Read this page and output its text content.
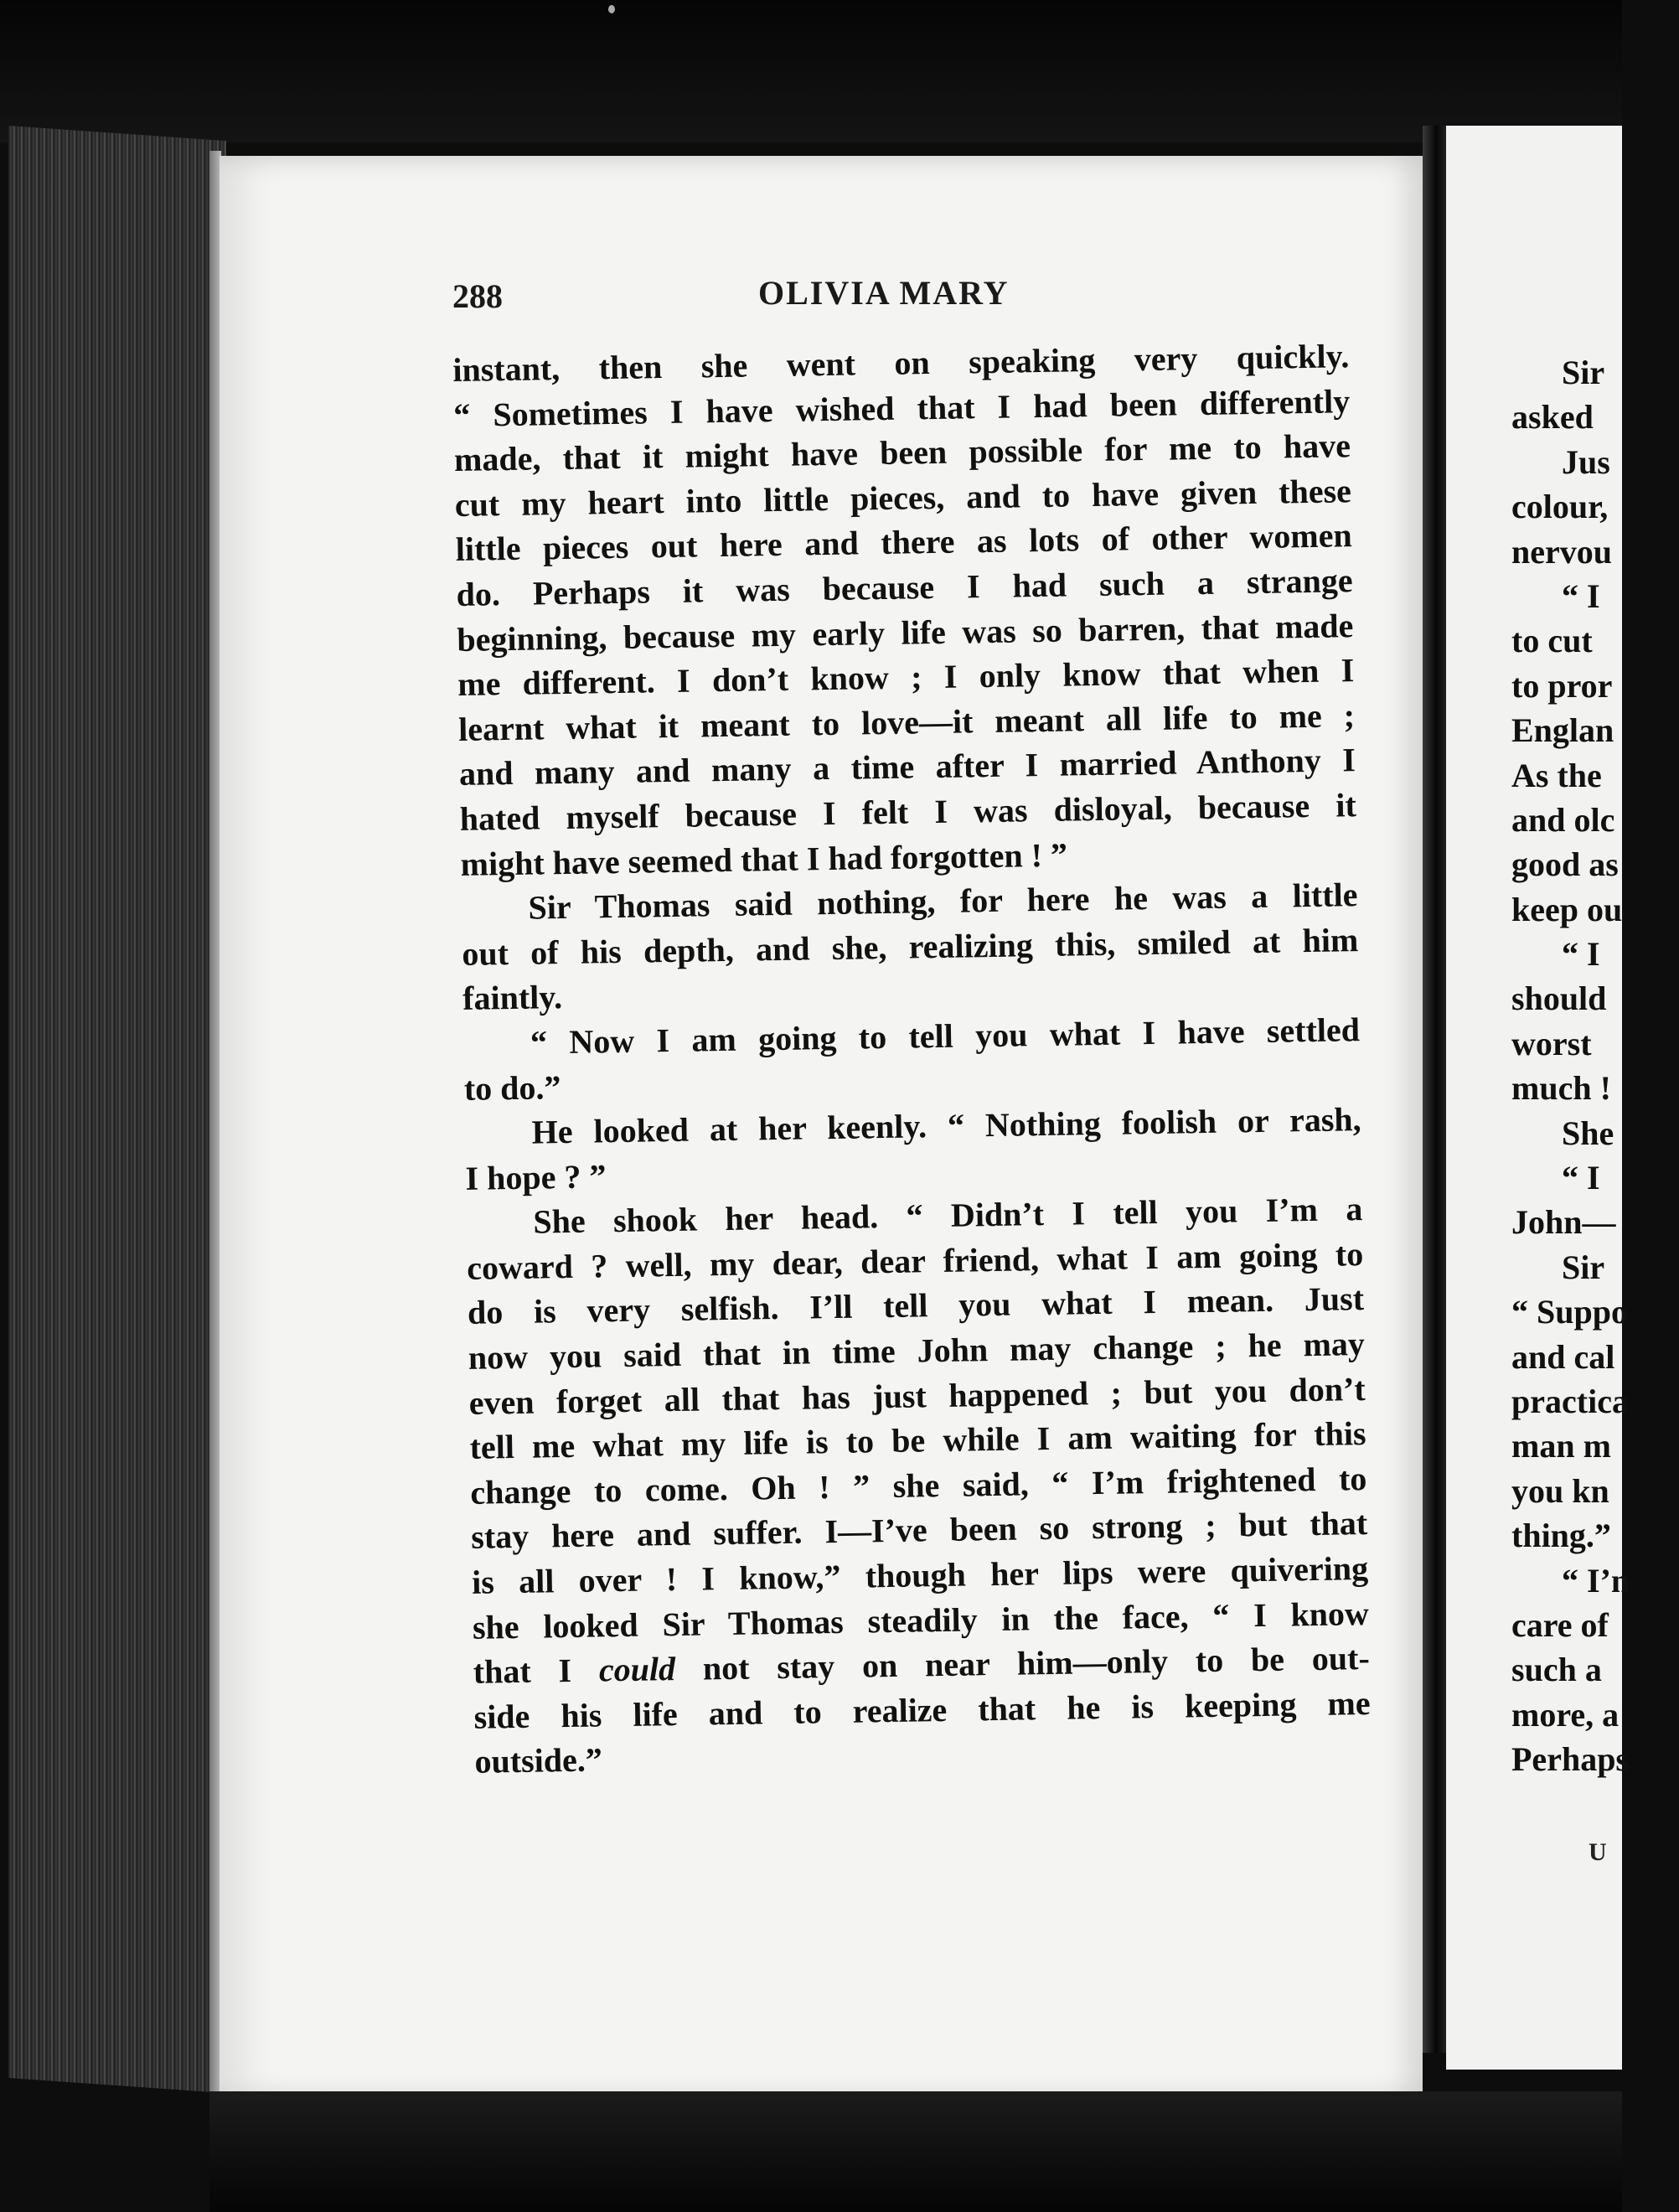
288	OLIVIA MARY
instant, then she went on speaking very quickly.
“ Sometimes I have wished that I had been differently
made, that it might have been possible for me to have
cut my heart into little pieces, and to have given these
little pieces out here and there as lots of other women
do. Perhaps it was because I had such a strange
beginning, because my early life was so barren, that made
me different. I don’t know ; I only know that when I
learnt what it meant to love—it meant all life to me ;
and many and many a time after I married Anthony I
hated myself because I felt I was disloyal, because it
might have seemed that I had forgotten ! ”
Sir Thomas said nothing, for here he was a little
out of his depth, and she, realizing this, smiled at him
faintly.
“ Now I am going to tell you what I have settled
to do.”
He looked at her keenly. “ Nothing foolish or rash,
I hope ? ”
She shook her head. “ Didn’t I tell you I’m a
coward ? well, my dear, dear friend, what I am going to
do is very selfish. I’ll tell you what I mean. Just
now you said that in time John may change ; he may
even forget all that has just happened ; but you don’t
tell me what my life is to be while I am waiting for this
change to come. Oh ! ” she said, “ I’m frightened to
stay here and suffer. I—I’ve been so strong ; but that
is all over ! I know,” though her lips were quivering
she looked Sir Thomas steadily in the face, “ I know
that I could not stay on near him—only to be out-
side his life and to realize that he is keeping me
outside.”
Sir
asked
Jus
colour,
nervou
“ I
to cut
to pror
Englan
As the
and olc
good as
keep ou
“ I
should
worst
much !
She
“ I
John—
Sir
“ Suppo
and cal
practica
man m
you kn
thing.”
“ I’n
care of
such a
more, a
Perhaps
U
